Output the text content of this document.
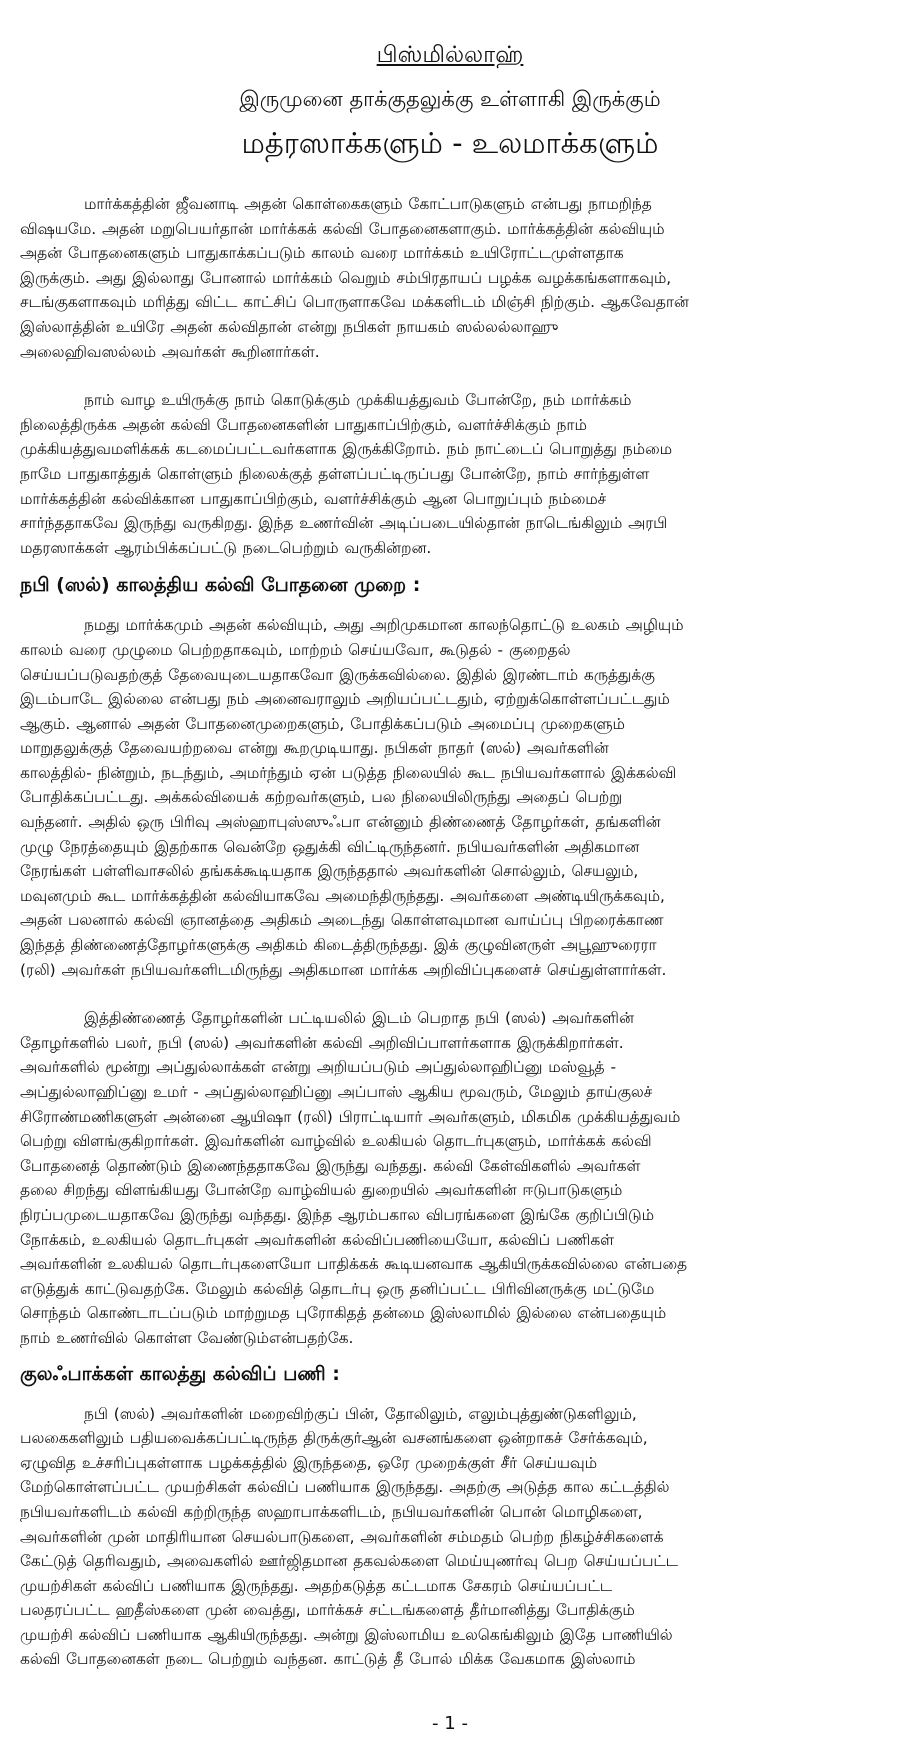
பிஸ்மில்லாஹ்
இருமுனை தாக்குதலுக்கு உள்ளாகி இருக்கும்
மத்ரஸாக்களும் - உலமாக்களும்
மார்க்கத்தின் ஜீவனாடி அதன் கொள்கைகளும் கோட்பாடுகளும் என்பது நாமறிந்த
விஷயமே. அதன் மறுபெயர்தான் மார்க்கக் கல்வி போதனைகளாகும். மார்க்கத்தின் கல்வியும்
அதன் போதனைகளும் பாதுகாக்கப்படும் காலம் வரை மார்க்கம் உயிரோட்டமுள்ளதாக
இருக்கும். அது இல்லாது போனால் மார்க்கம் வெறும் சம்பிரதாயப் பழக்க வழக்கங்களாகவும்,
சடங்குகளாகவும் மரித்து விட்ட காட்சிப் பொருளாகவே மக்களிடம் மிஞ்சி நிற்கும். ஆகவேதான்
இஸ்லாத்தின் உயிரே அதன் கல்விதான் என்று நபிகள் நாயகம் ஸல்லல்லாஹு
அலைஹிவஸல்லம் அவர்கள் கூறினார்கள்.
நாம் வாழ உயிருக்கு நாம் கொடுக்கும் முக்கியத்துவம் போன்றே, நம் மார்க்கம்
நிலைத்திருக்க அதன் கல்வி போதனைகளின் பாதுகாப்பிற்கும், வளர்ச்சிக்கும் நாம்
முக்கியத்துவமளிக்கக் கடமைப்பட்டவர்களாக இருக்கிறோம். நம் நாட்டைப் பொறுத்து நம்மை
நாமே பாதுகாத்துக் கொள்ளும் நிலைக்குத் தள்ளப்பட்டிருப்பது போன்றே, நாம் சார்ந்துள்ள
மார்க்கத்தின் கல்விக்கான பாதுகாப்பிற்கும், வளர்ச்சிக்கும் ஆன பொறுப்பும் நம்மைச்
சார்ந்ததாகவே இருந்து வருகிறது. இந்த உணர்வின் அடிப்படையில்தான் நாடெங்கிலும் அரபி
மதரஸாக்கள் ஆரம்பிக்கப்பட்டு நடைபெற்றும் வருகின்றன.
நபி (ஸல்) காலத்திய கல்வி போதனை முறை :
நமது மார்க்கமும் அதன் கல்வியும், அது அறிமுகமான காலந்தொட்டு உலகம் அழியும்
காலம் வரை முழுமை பெற்றதாகவும், மாற்றம் செய்யவோ, கூடுதல் - குறைதல்
செய்யப்படுவதற்குத் தேவையுடையதாகவோ இருக்கவில்லை. இதில் இரண்டாம் கருத்துக்கு
இடம்பாடே இல்லை என்பது நம் அனைவராலும் அறியப்பட்டதும், ஏற்றுக்கொள்ளப்பட்டதும்
ஆகும். ஆனால் அதன் போதனைமுறைகளும், போதிக்கப்படும் அமைப்பு முறைகளும்
மாறுதலுக்குத் தேவையற்றவை என்று கூறமுடியாது. நபிகள் நாதர் (ஸல்) அவர்களின்
காலத்தில்- நின்றும், நடந்தும், அமர்ந்தும் ஏன் படுத்த நிலையில் கூட நபியவர்களால் இக்கல்வி
போதிக்கப்பட்டது. அக்கல்வியைக் கற்றவர்களும், பல நிலையிலிருந்து அதைப் பெற்று
வந்தனர். அதில் ஒரு பிரிவு அஸ்ஹாபுஸ்ஸுஃபா என்னும் திண்ணைத் தோழர்கள், தங்களின்
முழு நேரத்தையும் இதற்காக வென்றே ஒதுக்கி விட்டிருந்தனர். நபியவர்களின் அதிகமான
நேரங்கள் பள்ளிவாசலில் தங்கக்கூடியதாக இருந்ததால் அவர்களின் சொல்லும், செயலும்,
மவுனமும் கூட மார்க்கத்தின் கல்வியாகவே அமைந்திருந்தது. அவர்களை அண்டியிருக்கவும்,
அதன் பலனால் கல்வி ஞானத்தை அதிகம் அடைந்து கொள்ளவுமான வாய்ப்பு பிறரைக்காண
இந்தத் திண்ணைத்தோழர்களுக்கு அதிகம் கிடைத்திருந்தது. இக் குழுவினருள் அபூஹுரைரா
(ரலி) அவர்கள் நபியவர்களிடமிருந்து அதிகமான மார்க்க அறிவிப்புகளைச் செய்துள்ளார்கள்.
இத்திண்ணைத் தோழர்களின் பட்டியலில் இடம் பெறாத நபி (ஸல்) அவர்களின்
தோழர்களில் பலர், நபி (ஸல்) அவர்களின் கல்வி அறிவிப்பாளர்களாக இருக்கிறார்கள்.
அவர்களில் மூன்று அப்துல்லாக்கள் என்று அறியப்படும் அப்துல்லாஹிப்னு மஸ்வூத் -
அப்துல்லாஹிப்னு உமர் - அப்துல்லாஹிப்னு அப்பாஸ் ஆகிய மூவரும், மேலும் தாய்குலச்
சிரோண்மணிகளுள் அன்னை ஆயிஷா (ரலி) பிராட்டியார் அவர்களும், மிகமிக முக்கியத்துவம்
பெற்று விளங்குகிறார்கள். இவர்களின் வாழ்வில் உலகியல் தொடர்புகளும், மார்க்கக் கல்வி
போதனைத் தொண்டும் இணைந்ததாகவே இருந்து வந்தது. கல்வி கேள்விகளில் அவர்கள்
தலை சிறந்து விளங்கியது போன்றே வாழ்வியல் துறையில் அவர்களின் ஈடுபாடுகளும்
நிரப்பமுடையதாகவே இருந்து வந்தது. இந்த ஆரம்பகால விபரங்களை இங்கே குறிப்பிடும்
நோக்கம், உலகியல் தொடர்புகள் அவர்களின் கல்விப்பணியையோ, கல்விப் பணிகள்
அவர்களின் உலகியல் தொடர்புகளையோ பாதிக்கக் கூடியனவாக ஆகியிருக்கவில்லை என்பதை
எடுத்துக் காட்டுவதற்கே. மேலும் கல்வித் தொடர்பு ஒரு தனிப்பட்ட பிரிவினருக்கு மட்டுமே
சொந்தம் கொண்டாடப்படும் மாற்றுமத புரோகிதத் தன்மை இஸ்லாமில் இல்லை என்பதையும்
நாம் உணர்வில் கொள்ள வேண்டும்என்பதற்கே.
குலஃபாக்கள் காலத்து கல்விப் பணி :
நபி (ஸல்) அவர்களின் மறைவிற்குப் பின், தோலிலும், எலும்புத்துண்டுகளிலும்,
பலகைகளிலும் பதியவைக்கப்பட்டிருந்த திருக்குர்ஆன் வசனங்களை ஒன்றாகச் சேர்க்கவும்,
ஏழுவித உச்சரிப்புகள்ளாக பழக்கத்தில் இருந்ததை, ஒரே முறைக்குள் சீர் செய்யவும்
மேற்கொள்ளப்பட்ட முயற்சிகள் கல்விப் பணியாக இருந்தது. அதற்கு அடுத்த கால கட்டத்தில்
நபியவர்களிடம் கல்வி கற்றிருந்த ஸஹாபாக்களிடம், நபியவர்களின் பொன் மொழிகளை,
அவர்களின் முன் மாதிரியான செயல்பாடுகளை, அவர்களின் சம்மதம் பெற்ற நிகழ்ச்சிகளைக்
கேட்டுத் தெரிவதும், அவைகளில் ஊர்ஜிதமான தகவல்களை மெய்யுணர்வு பெற செய்யப்பட்ட
முயற்சிகள் கல்விப் பணியாக இருந்தது. அதற்கடுத்த கட்டமாக சேகரம் செய்யப்பட்ட
பலதரப்பட்ட ஹதீஸ்களை முன் வைத்து, மார்க்கச் சட்டங்களைத் தீர்மானித்து போதிக்கும்
முயற்சி கல்விப் பணியாக ஆகியிருந்தது. அன்று இஸ்லாமிய உலகெங்கிலும் இதே பாணியில்
கல்வி போதனைகள் நடை பெற்றும் வந்தன. காட்டுத் தீ போல் மிக்க வேகமாக இஸ்லாம்
- 1 -
